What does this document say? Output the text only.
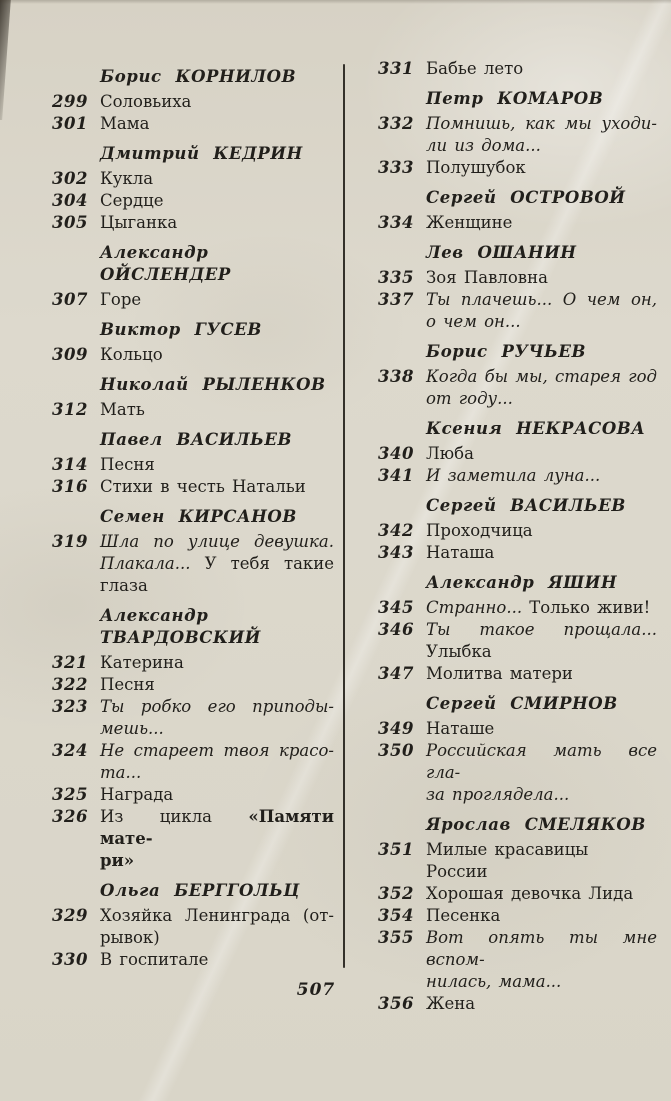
Борис КОРНИЛОВ
299 Соловьиха
301 Мама
Дмитрий КЕДРИН
302 Кукла
304 Сердце
305 Цыганка
Александр
ОЙСЛЕНДЕР
307 Горе
Виктор ГУСЕВ
309 Кольцо
Николай РЫЛЕНКОВ
312 Мать
Павел ВАСИЛЬЕВ
314 Песня
316 Стихи в честь Натальи
Семен КИРСАНОВ
319 Шла по улице девушка.
Плакала... У тебя такие
глаза
Александр
ТВАРДОВСКИЙ
321 Катерина
322 Песня
323 Ты робко его приподы-
мешь...
324 Не стареет твоя красо-
та...
325 Награда
326 Из цикла «Памяти мате-
ри»
Ольга БЕРГГОЛЬЦ
329 Хозяйка Ленинграда (от-
рывок)
330 В госпитале
331 Бабье лето
Петр КОМАРОВ
332 Помнишь, как мы уходи-
ли из дома...
333 Полушубок
Сергей ОСТРОВОЙ
334 Женщине
Лев ОШАНИН
335 Зоя Павловна
337 Ты плачешь... О чем он,
о чем он...
Борис РУЧЬЕВ
338 Когда бы мы, старея год
от году...
Ксения НЕКРАСОВА
340 Люба
341 И заметила луна...
Сергей ВАСИЛЬЕВ
342 Проходчица
343 Наташа
Александр ЯШИН
345 Странно... Только живи!
346 Ты такое прощала...
Улыбка
347 Молитва матери
Сергей СМИРНОВ
349 Наташе
350 Российская мать все гла-
за проглядела...
Ярослав СМЕЛЯКОВ
351 Милые красавицы России
352 Хорошая девочка Лида
354 Песенка
355 Вот опять ты мне вспом-
нилась, мама...
356 Жена
507
